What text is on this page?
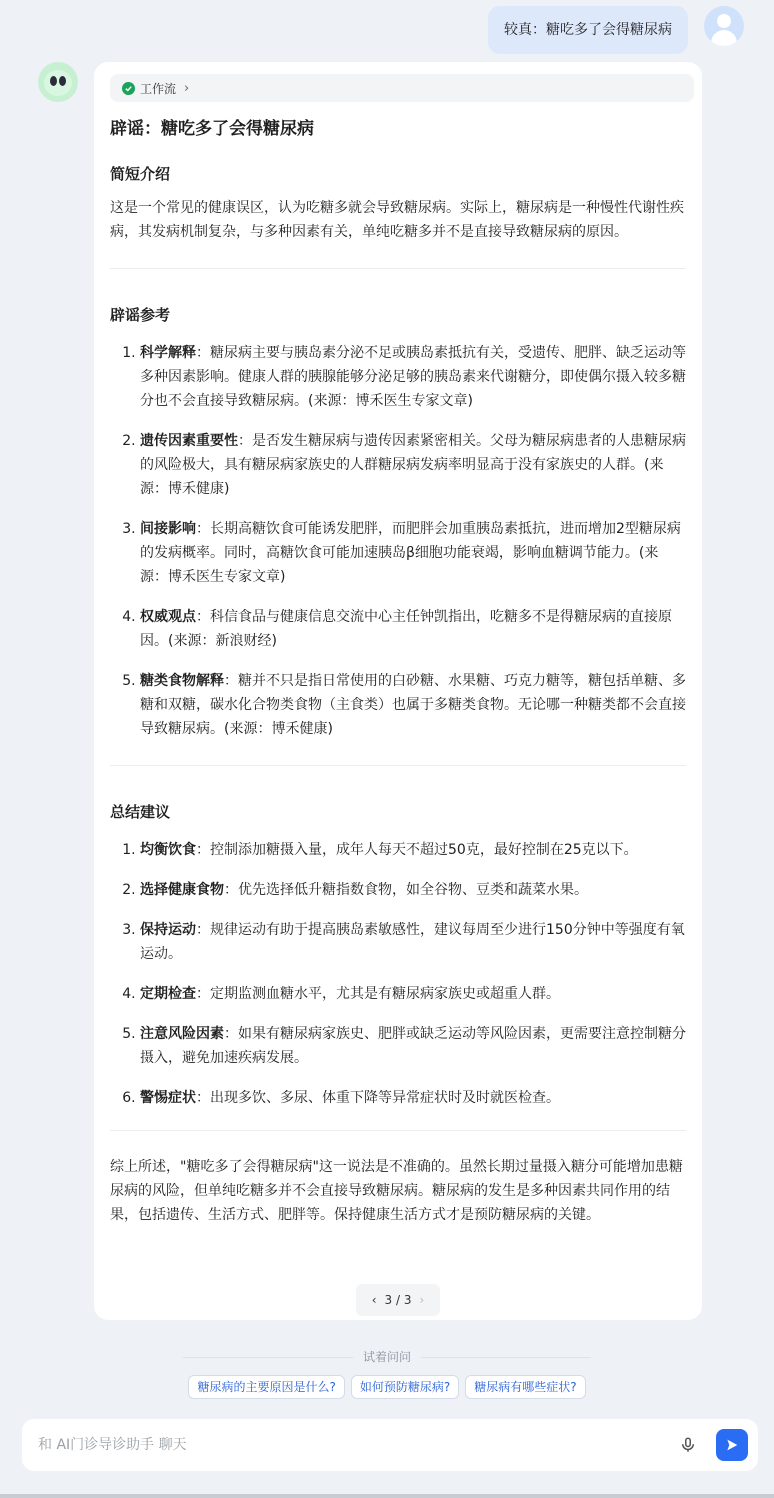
较真：糖吃多了会得糖尿病
工作流 ›
辟谣：糖吃多了会得糖尿病
简短介绍

这是一个常见的健康误区，认为吃糖多就会导致糖尿病。实际上，糖尿病是一种慢性代谢性疾病，其发病机制复杂，与多种因素有关，单纯吃糖多并不是直接导致糖尿病的原因。

辟谣参考
1. 科学解释：糖尿病主要与胰岛素分泌不足或胰岛素抵抗有关，受遗传、肥胖、缺乏运动等多种因素影响。健康人群的胰腺能够分泌足够的胰岛素来代谢糖分，即使偶尔摄入较多糖分也不会直接导致糖尿病。(来源：博禾医生专家文章)
2. 遗传因素重要性：是否发生糖尿病与遗传因素紧密相关。父母为糖尿病患者的人患糖尿病的风险极大，具有糖尿病家族史的人群糖尿病发病率明显高于没有家族史的人群。(来源：博禾健康)
3. 间接影响：长期高糖饮食可能诱发肥胖，而肥胖会加重胰岛素抵抗，进而增加2型糖尿病的发病概率。同时，高糖饮食可能加速胰岛β细胞功能衰竭，影响血糖调节能力。(来源：博禾医生专家文章)
4. 权威观点：科信食品与健康信息交流中心主任钟凯指出，吃糖多不是得糖尿病的直接原因。(来源：新浪财经)
5. 糖类食物解释：糖并不只是指日常使用的白砂糖、水果糖、巧克力糖等，糖包括单糖、多糖和双糖，碳水化合物类食物（主食类）也属于多糖类食物。无论哪一种糖类都不会直接导致糖尿病。(来源：博禾健康)
总结建议
1. 均衡饮食：控制添加糖摄入量，成年人每天不超过50克，最好控制在25克以下。
2. 选择健康食物：优先选择低升糖指数食物，如全谷物、豆类和蔬菜水果。
3. 保持运动：规律运动有助于提高胰岛素敏感性，建议每周至少进行150分钟中等强度有氧运动。
4. 定期检查：定期监测血糖水平，尤其是有糖尿病家族史或超重人群。
5. 注意风险因素：如果有糖尿病家族史、肥胖或缺乏运动等风险因素，更需要注意控制糖分摄入，避免加速疾病发展。
6. 警惕症状：出现多饮、多尿、体重下降等异常症状时及时就医检查。

综上所述，"糖吃多了会得糖尿病"这一说法是不准确的。虽然长期过量摄入糖分可能增加患糖尿病的风险，但单纯吃糖多并不会直接导致糖尿病。糖尿病的发生是多种因素共同作用的结果，包括遗传、生活方式、肥胖等。保持健康生活方式才是预防糖尿病的关键。

‹ 3 / 3 ›
试着问问
糖尿病的主要原因是什么?	如何预防糖尿病?	糖尿病有哪些症状?
和 AI门诊导诊助手 聊天
